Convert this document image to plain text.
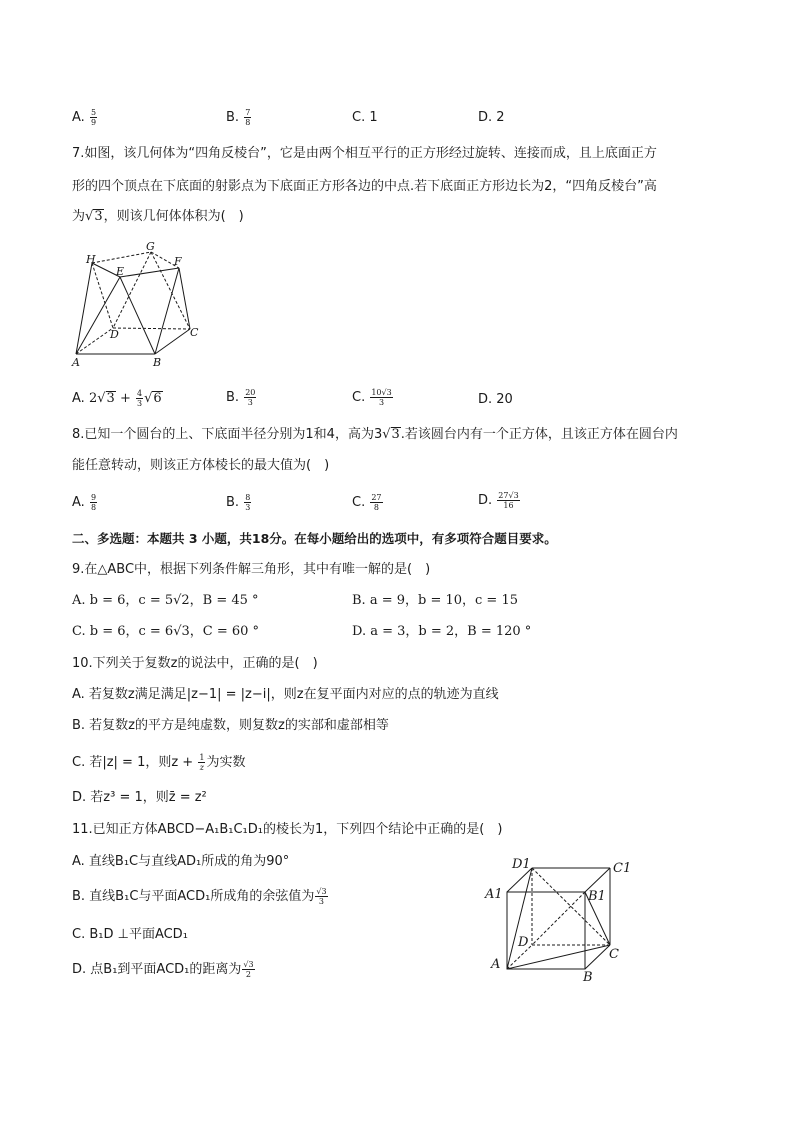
A. $\frac{5}{9}$	B. $\frac{7}{8}$	C. 1	D. 2
7.如图，该几何体为“四角反棱台”，它是由两个相互平行的正方形经过旋转、连接而成，且上底面正方
形的四个顶点在下底面的射影点为下底面正方形各边的中点.若下底面正方形边长为2，“四角反棱台”高
为√3，则该几何体体积为(　)
H
G
F
E
D	C
A	B
A. $2√3 + \frac{4}{3} √6$	B. $\frac{20}{3}$	C. $\frac{10√3}{3}$	D. 20
8.已知一个圆台的上、下底面半径分别为1和4，高为3√3.若该圆台内有一个正方体，且该正方体在圆台内
能任意转动，则该正方体棱长的最大值为(　)
A. $\frac{9}{8}$	B. $\frac{8}{3}$	C. $\frac{27}{8}$	D. $\frac{27√3}{16}$
二、多选题：本题共 3 小题，共18分。在每小题给出的选项中，有多项符合题目要求。
9.在△ABC中，根据下列条件解三角形，其中有唯一解的是(　)
A. b = 6，c = 5√2，B = 45 °	B. a = 9，b = 10，c = 15
C. b = 6，c = 6√3，C = 60 °	D. a = 3，b = 2，B = 120 °
10.下列关于复数z的说法中，正确的是(　)
A. 若复数z满足满足|z−1| = |z−i|，则z在复平面内对应的点的轨迹为直线
B. 若复数z的平方是纯虚数，则复数z的实部和虚部相等
C. 若|z| = 1，则$z + \frac{1}{z}$ 为实数
D. 若z³ = 1，则z̄ = z²
11.已知正方体ABCD−A₁B₁C₁D₁的棱长为1，下列四个结论中正确的是(　)
A. 直线B₁C与直线AD₁所成的角为90°
B. 直线B₁C与平面ACD₁所成角的余弦值为 $\frac{√3}{3}$
C. B₁D ⊥平面ACD₁
D. 点B₁到平面ACD₁的距离为 $\frac{√3}{2}$
D1	C1
A1	B1
D
C
A
B
